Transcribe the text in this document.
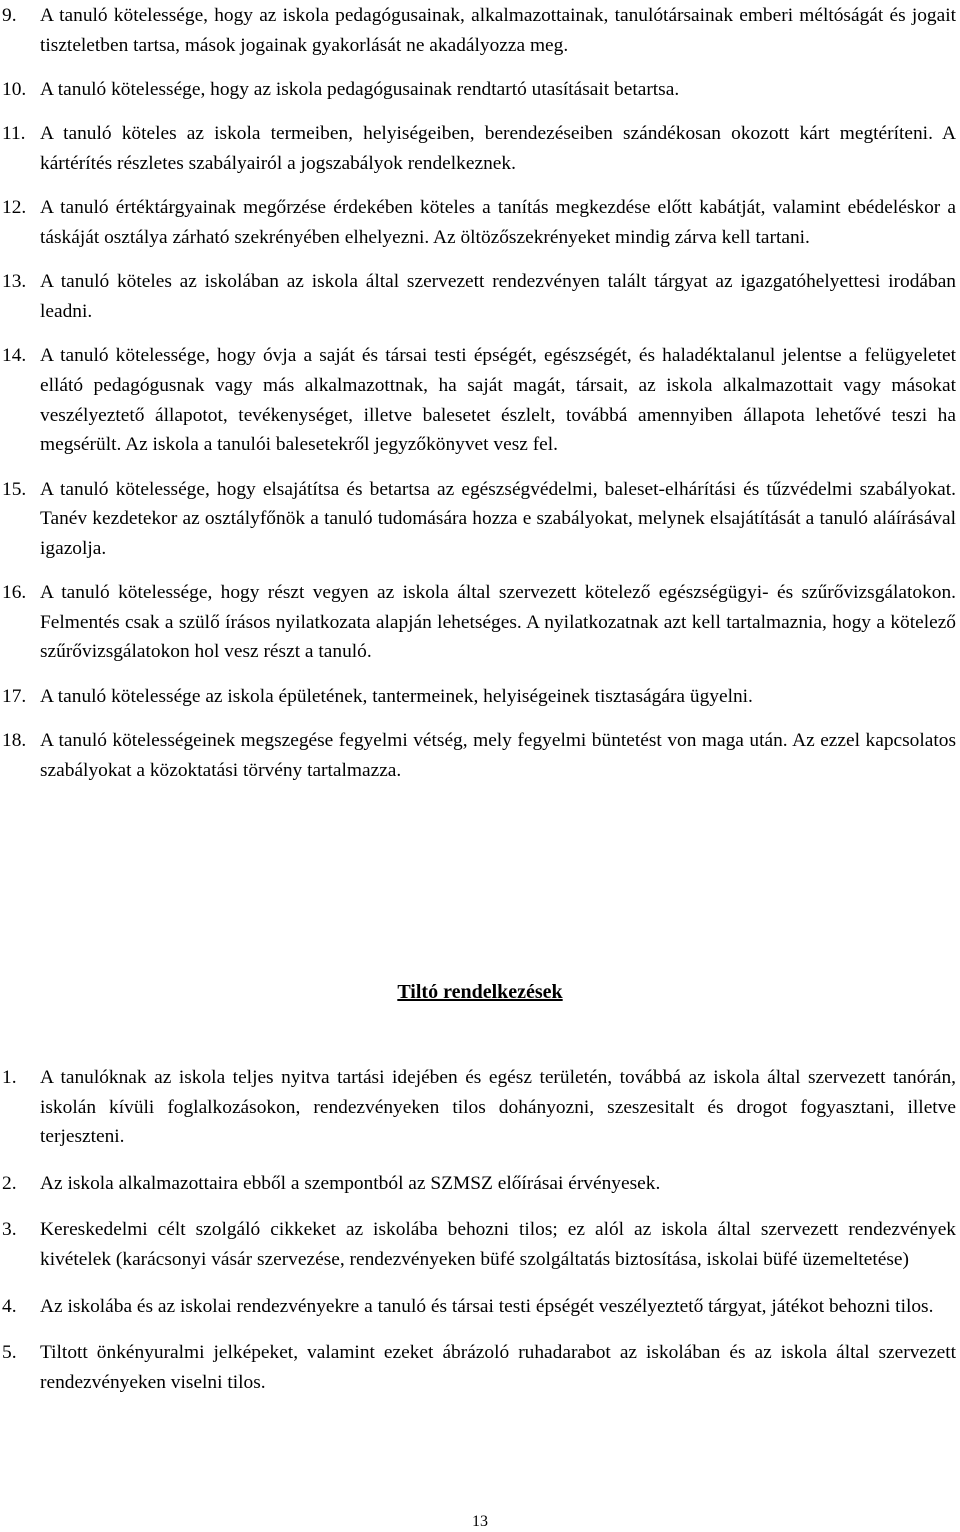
9. A tanuló kötelessége, hogy az iskola pedagógusainak, alkalmazottainak, tanulótársainak emberi méltóságát és jogait tiszteletben tartsa, mások jogainak gyakorlását ne akadályozza meg.
10. A tanuló kötelessége, hogy az iskola pedagógusainak rendtartó utasításait betartsa.
11. A tanuló köteles az iskola termeiben, helyiségeiben, berendezéseiben szándékosan okozott kárt megtéríteni. A kártérítés részletes szabályairól a jogszabályok rendelkeznek.
12. A tanuló értéktárgyainak megőrzése érdekében köteles a tanítás megkezdése előtt kabátját, valamint ebédeléskor a táskáját osztálya zárható szekrényében elhelyezni. Az öltözőszekrényeket mindig zárva kell tartani.
13. A tanuló köteles az iskolában az iskola által szervezett rendezvényen talált tárgyat az igazgatóhelyettesi irodában leadni.
14. A tanuló kötelessége, hogy óvja a saját és társai testi épségét, egészségét, és haladéktalanul jelentse a felügyeletet ellátó pedagógusnak vagy más alkalmazottnak, ha saját magát, társait, az iskola alkalmazottait vagy másokat veszélyeztető állapotot, tevékenységet, illetve balesetet észlelt, továbbá amennyiben állapota lehetővé teszi ha megsérült. Az iskola a tanulói balesetekről jegyzőkönyvet vesz fel.
15. A tanuló kötelessége, hogy elsajátítsa és betartsa az egészségvédelmi, baleset-elhárítási és tűzvédelmi szabályokat. Tanév kezdetekor az osztályfőnök a tanuló tudomására hozza e szabályokat, melynek elsajátítását a tanuló aláírásával igazolja.
16. A tanuló kötelessége, hogy részt vegyen az iskola által szervezett kötelező egészségügyi- és szűrővizsgálatokon. Felmentés csak a szülő írásos nyilatkozata alapján lehetséges. A nyilatkozatnak azt kell tartalmaznia, hogy a kötelező szűrővizsgálatokon hol vesz részt a tanuló.
17. A tanuló kötelessége az iskola épületének, tantermeinek, helyiségeinek tisztaságára ügyelni.
18. A tanuló kötelességeinek megszegése fegyelmi vétség, mely fegyelmi büntetést von maga után. Az ezzel kapcsolatos szabályokat a közoktatási törvény tartalmazza.
Tiltó rendelkezések
1. A tanulóknak az iskola teljes nyitva tartási idejében és egész területén, továbbá az iskola által szervezett tanórán, iskolán kívüli foglalkozásokon, rendezvényeken tilos dohányozni, szeszesitalt és drogot fogyasztani, illetve terjeszteni.
2. Az iskola alkalmazottaira ebből a szempontból az SZMSZ előírásai érvényesek.
3. Kereskedelmi célt szolgáló cikkeket az iskolába behozni tilos; ez alól az iskola által szervezett rendezvények kivételek (karácsonyi vásár szervezése, rendezvényeken büfé szolgáltatás biztosítása, iskolai büfé üzemeltetése)
4. Az iskolába és az iskolai rendezvényekre a tanuló és társai testi épségét veszélyeztető tárgyat, játékot behozni tilos.
5. Tiltott önkényuralmi jelképeket, valamint ezeket ábrázoló ruhadarabot az iskolában és az iskola által szervezett rendezvényeken viselni tilos.
13
